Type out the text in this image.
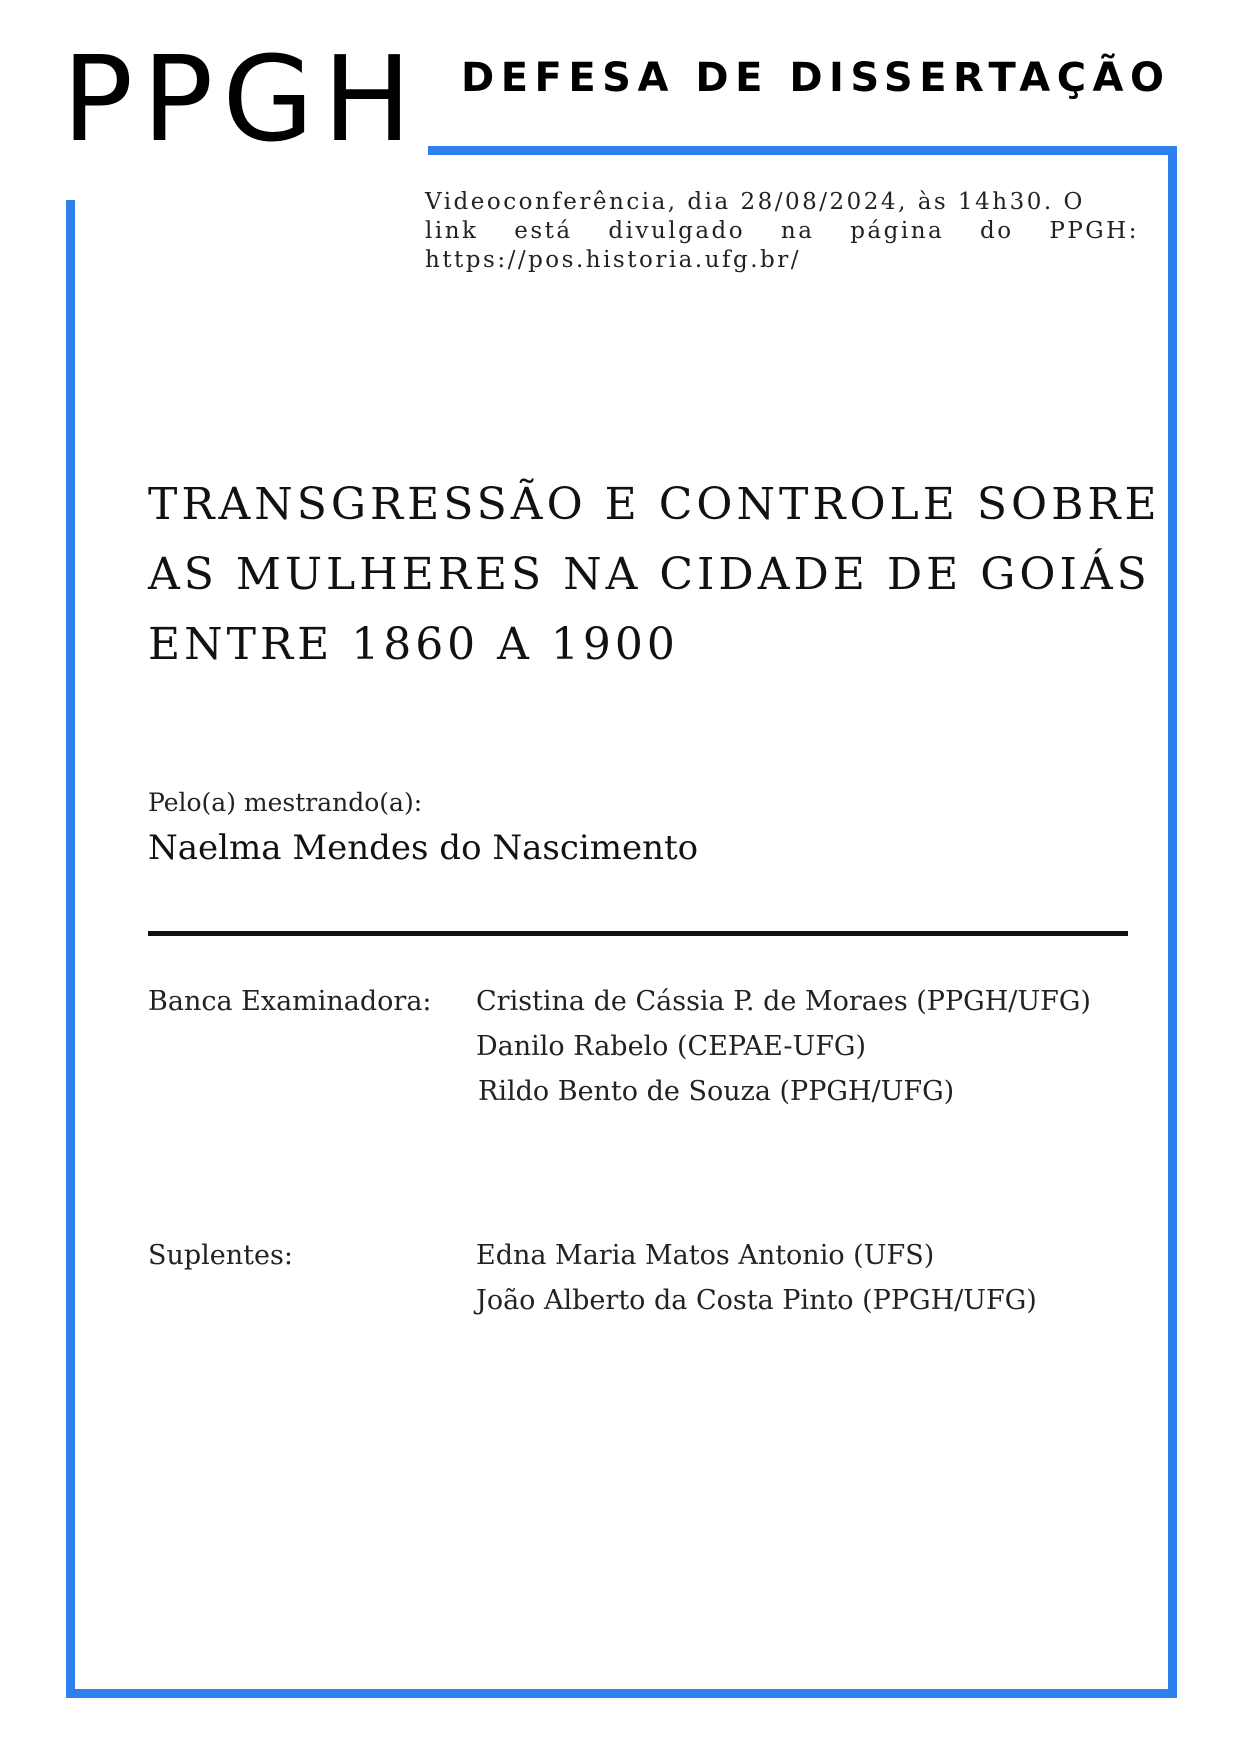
PPGH DEFESA DE DISSERTAÇÃO
Videoconferência, dia 28/08/2024, às 14h30. O
link está divulgado na página do PPGH:
https://pos.historia.ufg.br/
TRANSGRESSÃO E CONTROLE SOBRE
AS MULHERES NA CIDADE DE GOIÁS
ENTRE 1860 A 1900
Pelo(a) mestrando(a):
Naelma Mendes do Nascimento
Banca Examinadora: Cristina de Cássia P. de Moraes (PPGH/UFG)
Danilo Rabelo (CEPAE-UFG)
Rildo Bento de Souza (PPGH/UFG)
Suplentes:	Edna Maria Matos Antonio (UFS)
João Alberto da Costa Pinto (PPGH/UFG)
